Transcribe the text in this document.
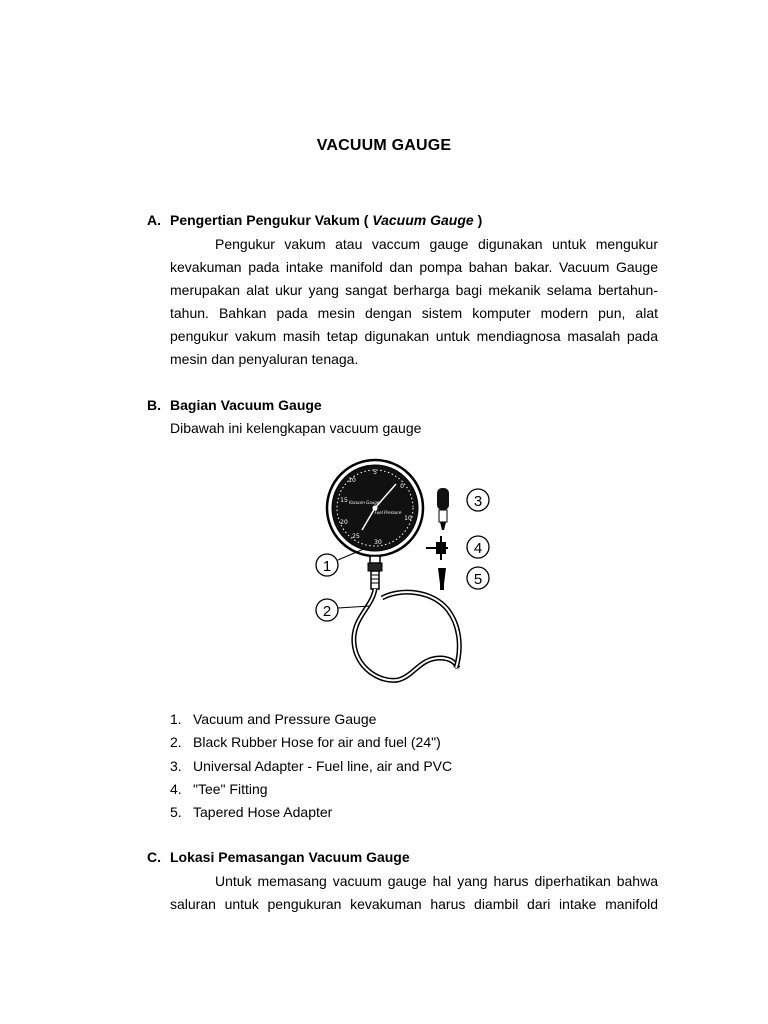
VACUUM GAUGE
A. Pengertian Pengukur Vakum ( Vacuum Gauge )
Pengukur vakum atau vaccum gauge digunakan untuk mengukur
kevakuman pada intake manifold dan pompa bahan bakar. Vacuum Gauge
merupakan alat ukur yang sangat berharga bagi mekanik selama bertahun-
tahun. Bahkan pada mesin dengan sistem komputer modern pun, alat
pengukur vakum masih tetap digunakan untuk mendiagnosa masalah pada
mesin dan penyaluran tenaga.
B. Bagian Vacuum Gauge
Dibawah ini kelengkapan vacuum gauge
5
10
15
20
25
30
0
10
Vacuum Gauge
Fuel Pressure
1
2
3
4
5
1. Vacuum and Pressure Gauge
2. Black Rubber Hose for air and fuel (24")
3. Universal Adapter - Fuel line, air and PVC
4. "Tee" Fitting
5. Tapered Hose Adapter
C. Lokasi Pemasangan Vacuum Gauge
Untuk memasang vacuum gauge hal yang harus diperhatikan bahwa
saluran untuk pengukuran kevakuman harus diambil dari intake manifold
